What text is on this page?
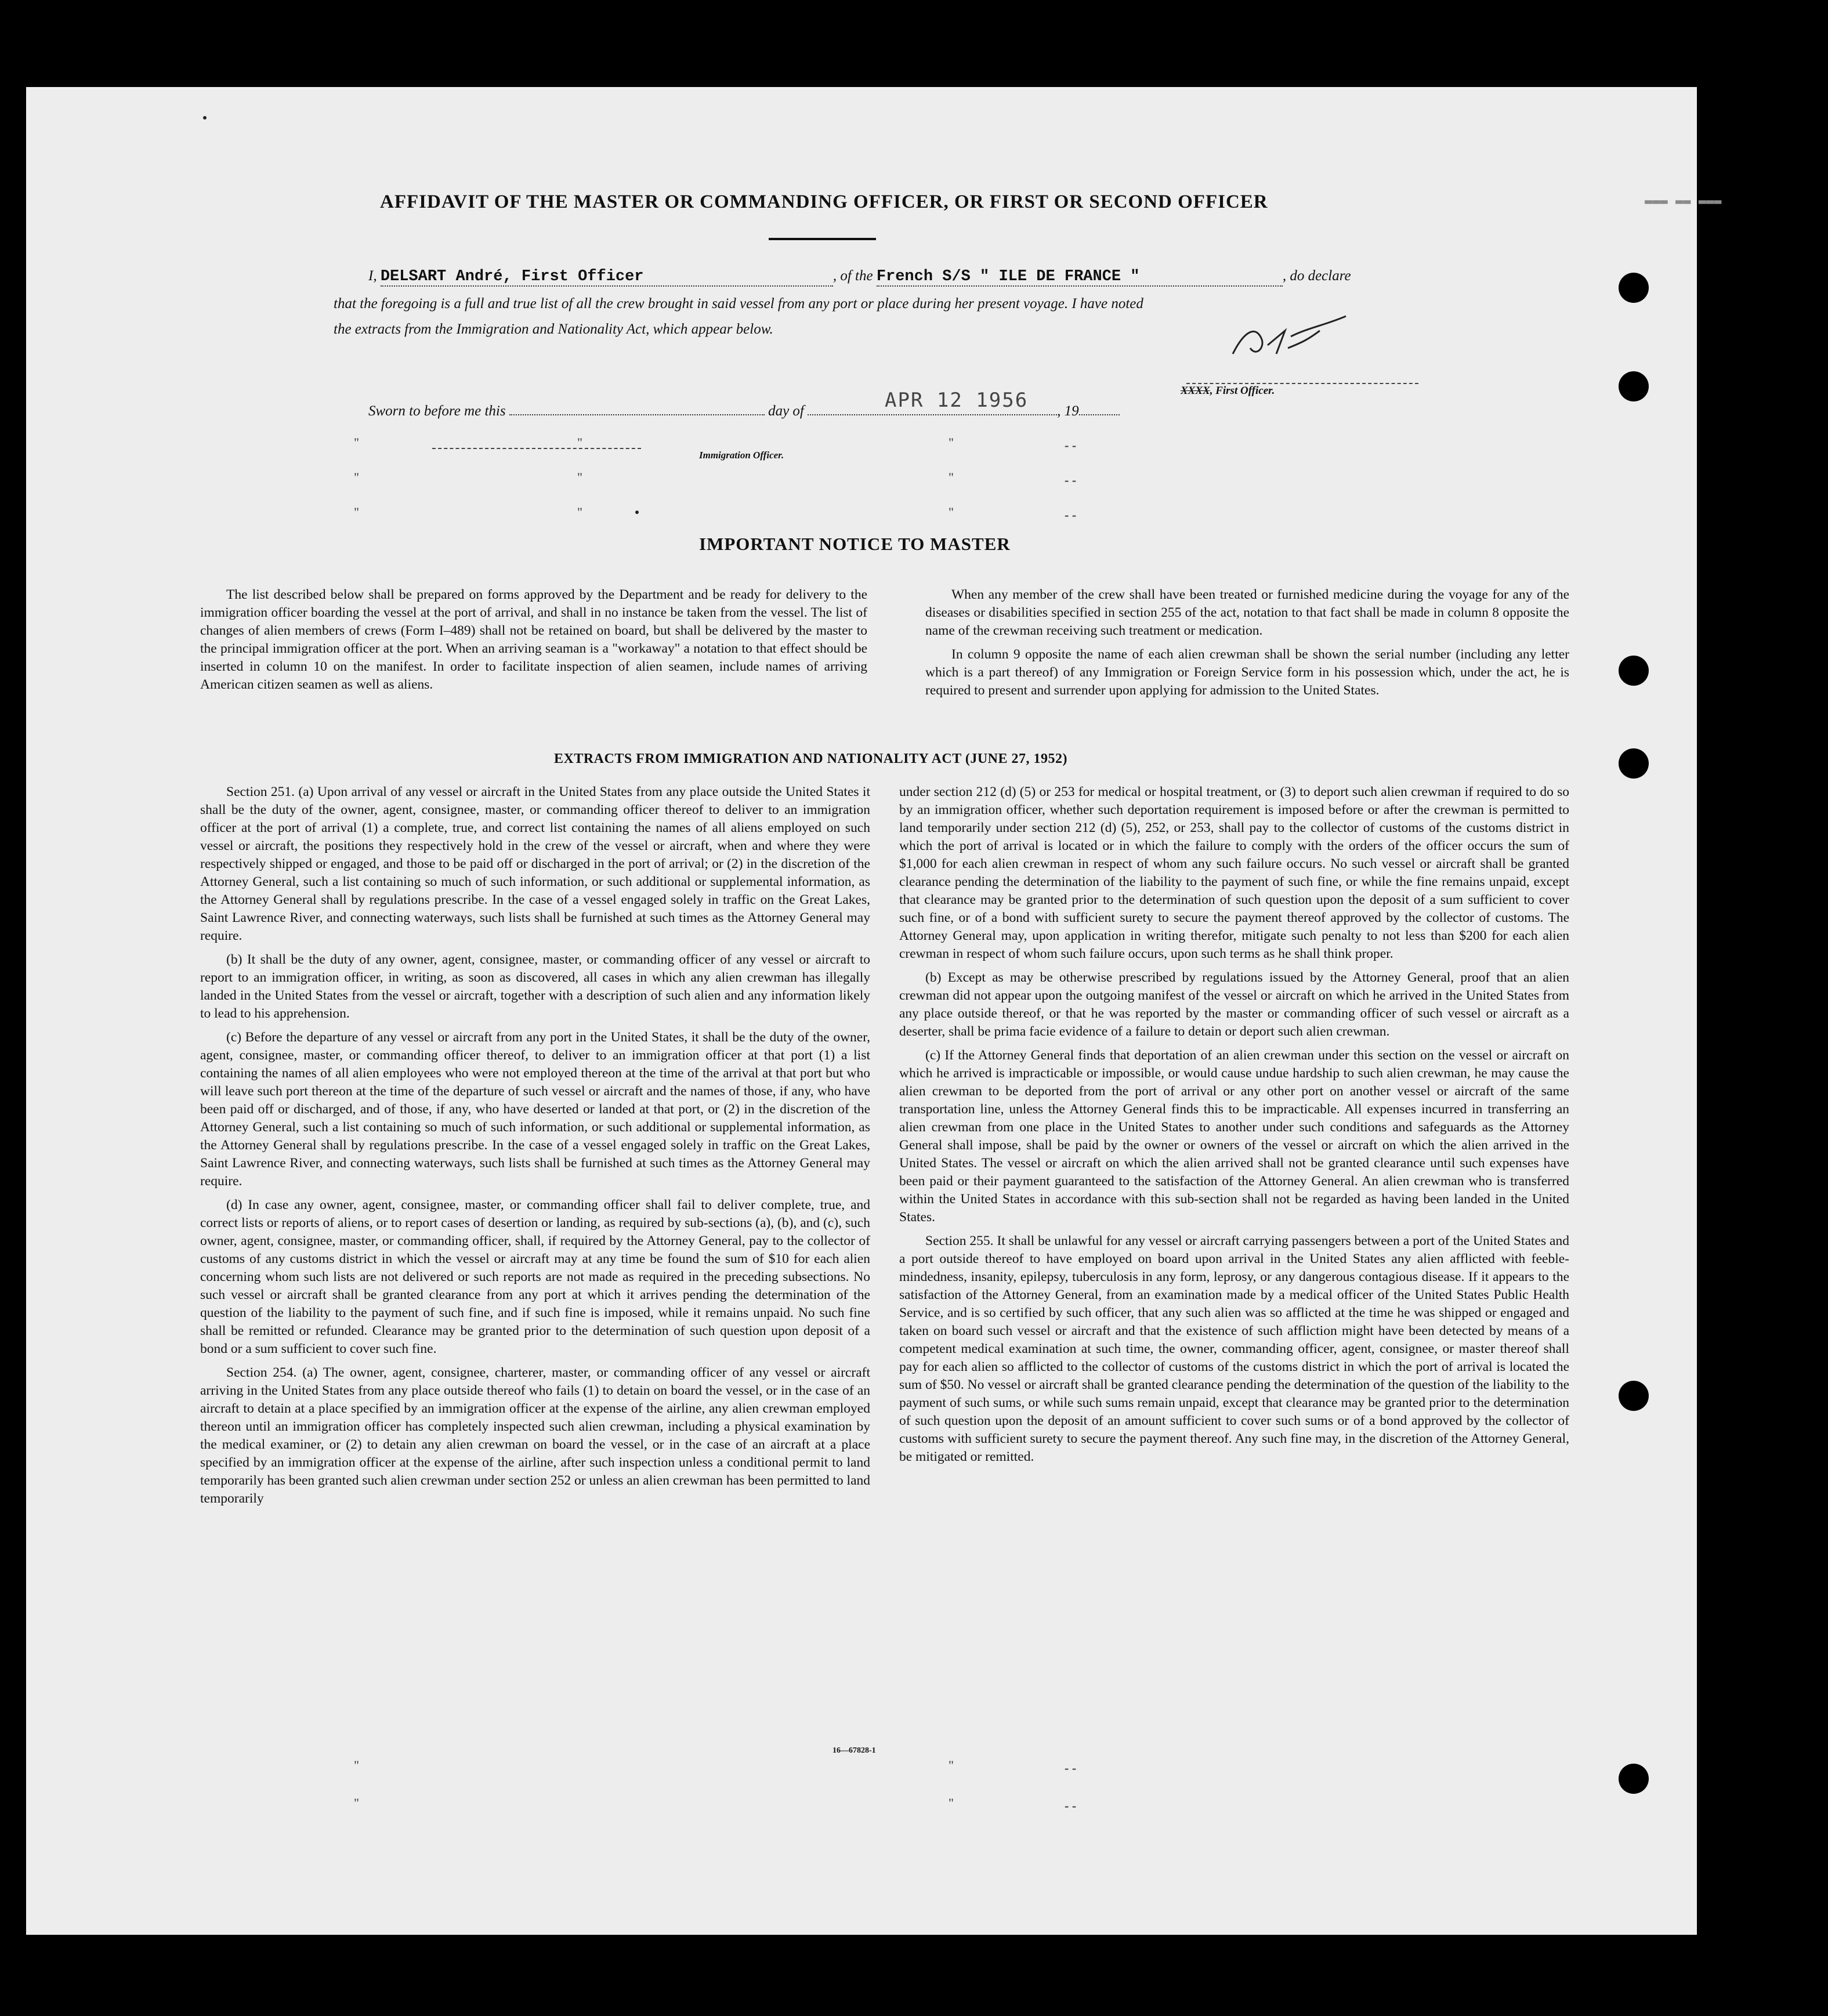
AFFIDAVIT OF THE MASTER OR COMMANDING OFFICER, OR FIRST OR SECOND OFFICER
I, DELSART André, First Officer	, of the French S/S " ILE DE FRANCE "	, do declare
that the foregoing is a full and true list of all the crew brought in said vessel from any port or place during her present voyage. I have noted
the extracts from the Immigration and Nationality Act, which appear below.
XXXX, First Officer.
Sworn to before me this	day of	, 19
APR 12 1956
Immigration Officer.
"	"	"	- -
"	"	"	- -
"	"	"	- -
"	"	- -
"	"	- -
▬▬▬ ▬▬ ▬▬▬
IMPORTANT NOTICE TO MASTER

The list described below shall be prepared on forms approved by the Department and be ready for delivery to the immigration officer boarding the vessel at the port of arrival, and shall in no instance be taken from the vessel. The list of changes of alien members of crews (Form I–489) shall not be retained on board, but shall be delivered by the master to the principal immigration officer at the port. When an arriving seaman is a "workaway" a notation to that effect should be inserted in column 10 on the manifest. In order to facilitate inspection of alien seamen, include names of arriving American citizen seamen as well as aliens.

When any member of the crew shall have been treated or furnished medicine during the voyage for any of the diseases or disabilities specified in section 255 of the act, notation to that fact shall be made in column 8 opposite the name of the crewman receiving such treatment or medication.

In column 9 opposite the name of each alien crewman shall be shown the serial number (including any letter which is a part thereof) of any Immigration or Foreign Service form in his possession which, under the act, he is required to present and surrender upon applying for admission to the United States.

EXTRACTS FROM IMMIGRATION AND NATIONALITY ACT (JUNE 27, 1952)

Section 251. (a) Upon arrival of any vessel or aircraft in the United States from any place outside the United States it shall be the duty of the owner, agent, consignee, master, or commanding officer thereof to deliver to an immigration officer at the port of arrival (1) a complete, true, and correct list containing the names of all aliens employed on such vessel or aircraft, the positions they respectively hold in the crew of the vessel or aircraft, when and where they were respectively shipped or engaged, and those to be paid off or discharged in the port of arrival; or (2) in the discretion of the Attorney General, such a list containing so much of such information, or such additional or supplemental information, as the Attorney General shall by regulations prescribe. In the case of a vessel engaged solely in traffic on the Great Lakes, Saint Lawrence River, and connecting waterways, such lists shall be furnished at such times as the Attorney General may require.

(b) It shall be the duty of any owner, agent, consignee, master, or commanding officer of any vessel or aircraft to report to an immigration officer, in writing, as soon as discovered, all cases in which any alien crewman has illegally landed in the United States from the vessel or aircraft, together with a description of such alien and any information likely to lead to his apprehension.

(c) Before the departure of any vessel or aircraft from any port in the United States, it shall be the duty of the owner, agent, consignee, master, or commanding officer thereof, to deliver to an immigration officer at that port (1) a list containing the names of all alien employees who were not employed thereon at the time of the arrival at that port but who will leave such port thereon at the time of the departure of such vessel or aircraft and the names of those, if any, who have been paid off or discharged, and of those, if any, who have deserted or landed at that port, or (2) in the discretion of the Attorney General, such a list containing so much of such information, or such additional or supplemental information, as the Attorney General shall by regulations prescribe. In the case of a vessel engaged solely in traffic on the Great Lakes, Saint Lawrence River, and connecting waterways, such lists shall be furnished at such times as the Attorney General may require.

(d) In case any owner, agent, consignee, master, or commanding officer shall fail to deliver complete, true, and correct lists or reports of aliens, or to report cases of desertion or landing, as required by sub-sections (a), (b), and (c), such owner, agent, consignee, master, or commanding officer, shall, if required by the Attorney General, pay to the collector of customs of any customs district in which the vessel or aircraft may at any time be found the sum of $10 for each alien concerning whom such lists are not delivered or such reports are not made as required in the preceding subsections. No such vessel or aircraft shall be granted clearance from any port at which it arrives pending the determination of the question of the liability to the payment of such fine, and if such fine is imposed, while it remains unpaid. No such fine shall be remitted or refunded. Clearance may be granted prior to the determination of such question upon deposit of a bond or a sum sufficient to cover such fine.

Section 254. (a) The owner, agent, consignee, charterer, master, or commanding officer of any vessel or aircraft arriving in the United States from any place outside thereof who fails (1) to detain on board the vessel, or in the case of an aircraft to detain at a place specified by an immigration officer at the expense of the airline, any alien crewman employed thereon until an immigration officer has completely inspected such alien crewman, including a physical examination by the medical examiner, or (2) to detain any alien crewman on board the vessel, or in the case of an aircraft at a place specified by an immigration officer at the expense of the airline, after such inspection unless a conditional permit to land temporarily has been granted such alien crewman under section 252 or unless an alien crewman has been permitted to land temporarily

under section 212 (d) (5) or 253 for medical or hospital treatment, or (3) to deport such alien crewman if required to do so by an immigration officer, whether such deportation requirement is imposed before or after the crewman is permitted to land temporarily under section 212 (d) (5), 252, or 253, shall pay to the collector of customs of the customs district in which the port of arrival is located or in which the failure to comply with the orders of the officer occurs the sum of $1,000 for each alien crewman in respect of whom any such failure occurs. No such vessel or aircraft shall be granted clearance pending the determination of the liability to the payment of such fine, or while the fine remains unpaid, except that clearance may be granted prior to the determination of such question upon the deposit of a sum sufficient to cover such fine, or of a bond with sufficient surety to secure the payment thereof approved by the collector of customs. The Attorney General may, upon application in writing therefor, mitigate such penalty to not less than $200 for each alien crewman in respect of whom such failure occurs, upon such terms as he shall think proper.

(b) Except as may be otherwise prescribed by regulations issued by the Attorney General, proof that an alien crewman did not appear upon the outgoing manifest of the vessel or aircraft on which he arrived in the United States from any place outside thereof, or that he was reported by the master or commanding officer of such vessel or aircraft as a deserter, shall be prima facie evidence of a failure to detain or deport such alien crewman.

(c) If the Attorney General finds that deportation of an alien crewman under this section on the vessel or aircraft on which he arrived is impracticable or impossible, or would cause undue hardship to such alien crewman, he may cause the alien crewman to be deported from the port of arrival or any other port on another vessel or aircraft of the same transportation line, unless the Attorney General finds this to be impracticable. All expenses incurred in transferring an alien crewman from one place in the United States to another under such conditions and safeguards as the Attorney General shall impose, shall be paid by the owner or owners of the vessel or aircraft on which the alien arrived in the United States. The vessel or aircraft on which the alien arrived shall not be granted clearance until such expenses have been paid or their payment guaranteed to the satisfaction of the Attorney General. An alien crewman who is transferred within the United States in accordance with this sub-section shall not be regarded as having been landed in the United States.

Section 255. It shall be unlawful for any vessel or aircraft carrying passengers between a port of the United States and a port outside thereof to have employed on board upon arrival in the United States any alien afflicted with feeble-mindedness, insanity, epilepsy, tuberculosis in any form, leprosy, or any dangerous contagious disease. If it appears to the satisfaction of the Attorney General, from an examination made by a medical officer of the United States Public Health Service, and is so certified by such officer, that any such alien was so afflicted at the time he was shipped or engaged and taken on board such vessel or aircraft and that the existence of such affliction might have been detected by means of a competent medical examination at such time, the owner, commanding officer, agent, consignee, or master thereof shall pay for each alien so afflicted to the collector of customs of the customs district in which the port of arrival is located the sum of $50. No vessel or aircraft shall be granted clearance pending the determination of the question of the liability to the payment of such sums, or while such sums remain unpaid, except that clearance may be granted prior to the determination of such question upon the deposit of an amount sufficient to cover such sums or of a bond approved by the collector of customs with sufficient surety to secure the payment thereof. Any such fine may, in the discretion of the Attorney General, be mitigated or remitted.

16—67828-1
